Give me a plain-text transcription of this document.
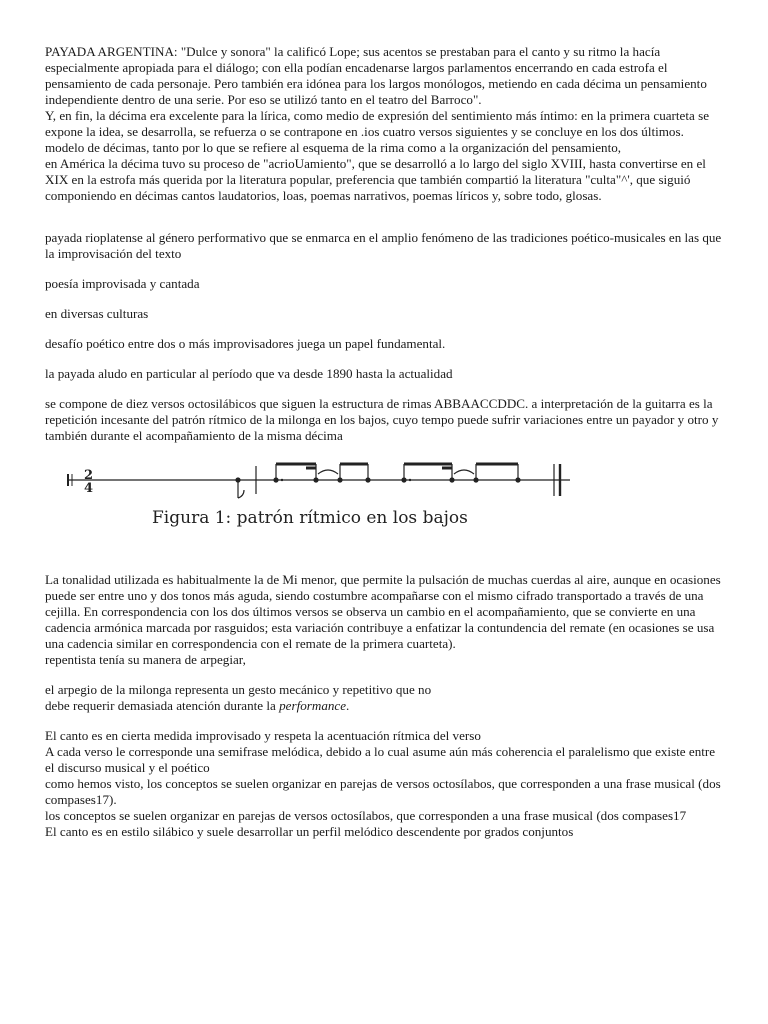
PAYADA ARGENTINA: "Dulce y sonora" la calificó Lope; sus acentos se prestaban para el canto y su ritmo la hacía especialmente apropiada para el diálogo; con ella podían encadenarse largos parlamentos encerrando en cada estrofa el pensamiento de cada personaje. Pero también era idónea para los largos monólogos, metiendo en cada décima un pensamiento independiente dentro de una serie. Por eso se utilizó tanto en el teatro del Barroco".

Y, en fin, la décima era excelente para la lírica, como medio de expresión del sentimiento más íntimo: en la primera cuarteta se expone la idea, se desarrolla, se refuerza o se contrapone en .ios cuatro versos siguientes y se concluye en los dos últimos. modelo de décimas, tanto por lo que se refiere al esquema de la rima como a la organización del pensamiento,

en América la décima tuvo su proceso de "acrioUamiento", que se desarrolló a lo largo del siglo XVIII, hasta convertirse en el XIX en la estrofa más querida por la literatura popular, preferencia que también compartió la literatura "culta"^', que siguió componiendo en décimas cantos laudatorios, loas, poemas narrativos, poemas líricos y, sobre todo, glosas.

payada rioplatense al género performativo que se enmarca en el amplio fenómeno de las tradiciones poético-musicales en las que la improvisación del texto

poesía improvisada y cantada

en diversas culturas

desafío poético entre dos o más improvisadores juega un papel fundamental.

la payada aludo en particular al período que va desde 1890 hasta la actualidad

se compone de diez versos octosilábicos que siguen la estructura de rimas ABBAACCDDC. a interpretación de la guitarra es la repetición incesante del patrón rítmico de la milonga en los bajos, cuyo tempo puede sufrir variaciones entre un payador y otro y también durante el acompañamiento de la misma décima

2
4
Figura 1: patrón rítmico en los bajos

La tonalidad utilizada es habitualmente la de Mi menor, que permite la pulsación de muchas cuerdas al aire, aunque en ocasiones puede ser entre uno y dos tonos más aguda, siendo costumbre acompañarse con el mismo cifrado transportado a través de una cejilla. En correspondencia con los dos últimos versos se observa un cambio en el acompañamiento, que se convierte en una cadencia armónica marcada por rasguidos; esta variación contribuye a enfatizar la contundencia del remate (en ocasiones se usa una cadencia similar en correspondencia con el remate de la primera cuarteta).

repentista tenía su manera de arpegiar,

el arpegio de la milonga representa un gesto mecánico y repetitivo que no

debe requerir demasiada atención durante la performance.

El canto es en cierta medida improvisado y respeta la acentuación rítmica del verso

A cada verso le corresponde una semifrase melódica, debido a lo cual asume aún más coherencia el paralelismo que existe entre el discurso musical y el poético

como hemos visto, los conceptos se suelen organizar en parejas de versos octosílabos, que corresponden a una frase musical (dos compases17).

los conceptos se suelen organizar en parejas de versos octosílabos, que corresponden a una frase musical (dos compases17

El canto es en estilo silábico y suele desarrollar un perfil melódico descendente por grados conjuntos
